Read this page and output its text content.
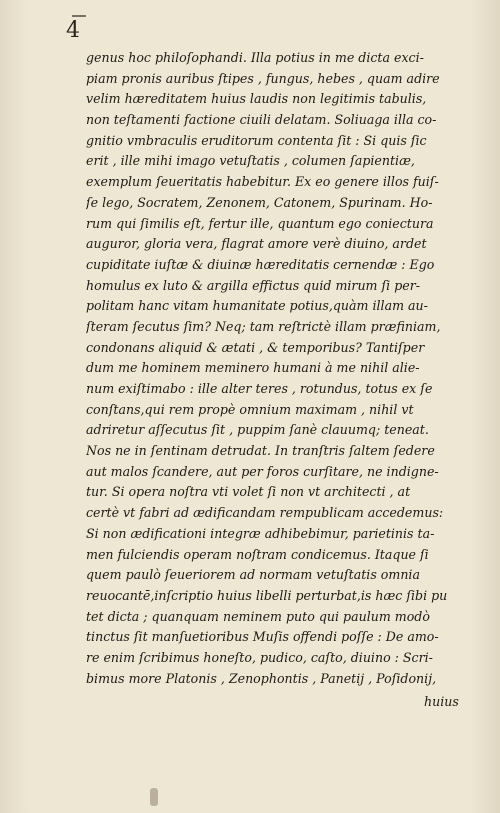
4
genus hoc philoſophandi. Illa potius in me dicta exci-
piam pronis auribus ſtipes , fungus, hebes , quam adire
velim hæreditatem huius laudis non legitimis tabulis,
non teſtamenti factione ciuili delatam. Soliuaga illa co-
gnitio vmbraculis eruditorum contenta ſit : Si quis ſic
erit , ille mihi imago vetuſtatis , columen ſapientiæ,
exemplum ſeueritatis habebitur. Ex eo genere illos fuiſ-
ſe lego, Socratem, Zenonem, Catonem, Spurinam. Ho-
rum qui ſimilis eſt, fertur ille, quantum ego coniectura
auguror, gloria vera, flagrat amore verè diuino, ardet
cupiditate iuſtæ & diuinæ hæreditatis cernendæ : Ego
homulus ex luto & argilla effictus quid mirum ſi per-
politam hanc vitam humanitate potius,quàm illam au-
ſteram ſecutus ſim? Neq; tam reſtrictè illam præfiniam,
condonans aliquid & ætati , & temporibus? Tantiſper
dum me hominem meminero humani à me nihil alie-
num exiſtimabo : ille alter teres , rotundus, totus ex ſe
conſtans,qui rem propè omnium maximam , nihil vt
adriretur aſſecutus ſit , puppim ſanè clauumq; teneat.
Nos ne in ſentinam detrudat. In tranſtris ſaltem ſedere
aut malos ſcandere, aut per foros curſitare, ne indigne-
tur. Si opera noſtra vti volet ſi non vt architecti , at
certè vt fabri ad ædificandam rempublicam accedemus:
Si non ædificationi integræ adhibebimur, parietinis ta-
men fulciendis operam noſtram condicemus. Itaque ſi
quem paulò ſeueriorem ad normam vetuſtatis omnia
reuocantē,inſcriptio huius libelli perturbat,is hæc ſibi pu
tet dicta ; quanquam neminem puto qui paulum modò
tinctus ſit manſuetioribus Muſis offendi poſſe : De amo-
re enim ſcribimus honeſto, pudico, caſto, diuino : Scri-
bimus more Platonis , Zenophontis , Panetij , Poſidonij,
huius
